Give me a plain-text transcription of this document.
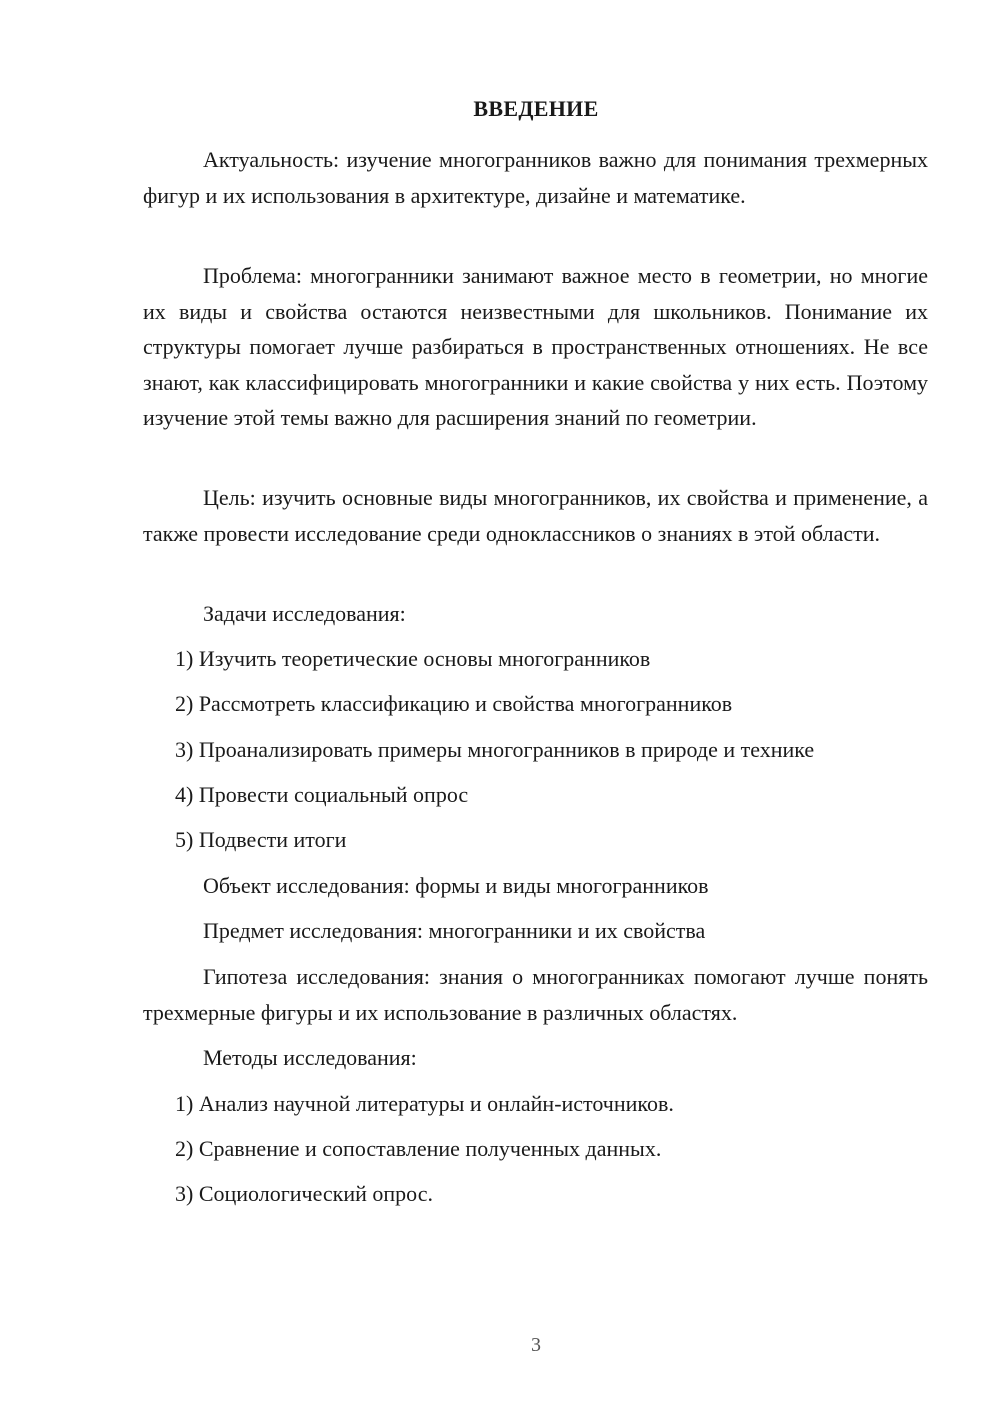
ВВЕДЕНИЕ

Актуальность: изучение многогранников важно для понимания трехмерных фигур и их использования в архитектуре, дизайне и математике.

Проблема: многогранники занимают важное место в геометрии, но многие их виды и свойства остаются неизвестными для школьников. Понимание их структуры помогает лучше разбираться в пространственных отношениях. Не все знают, как классифицировать многогранники и какие свойства у них есть. Поэтому изучение этой темы важно для расширения знаний по геометрии.

Цель: изучить основные виды многогранников, их свойства и применение, а также провести исследование среди одноклассников о знаниях в этой области.

Задачи исследования:

1) Изучить теоретические основы многогранников

2) Рассмотреть классификацию и свойства многогранников

3) Проанализировать примеры многогранников в природе и технике

4) Провести социальный опрос

5) Подвести итоги

Объект исследования: формы и виды многогранников

Предмет исследования: многогранники и их свойства

Гипотеза исследования: знания о многогранниках помогают лучше понять трехмерные фигуры и их использование в различных областях.

Методы исследования:

1) Анализ научной литературы и онлайн-источников.

2) Сравнение и сопоставление полученных данных.

3) Социологический опрос.

3
